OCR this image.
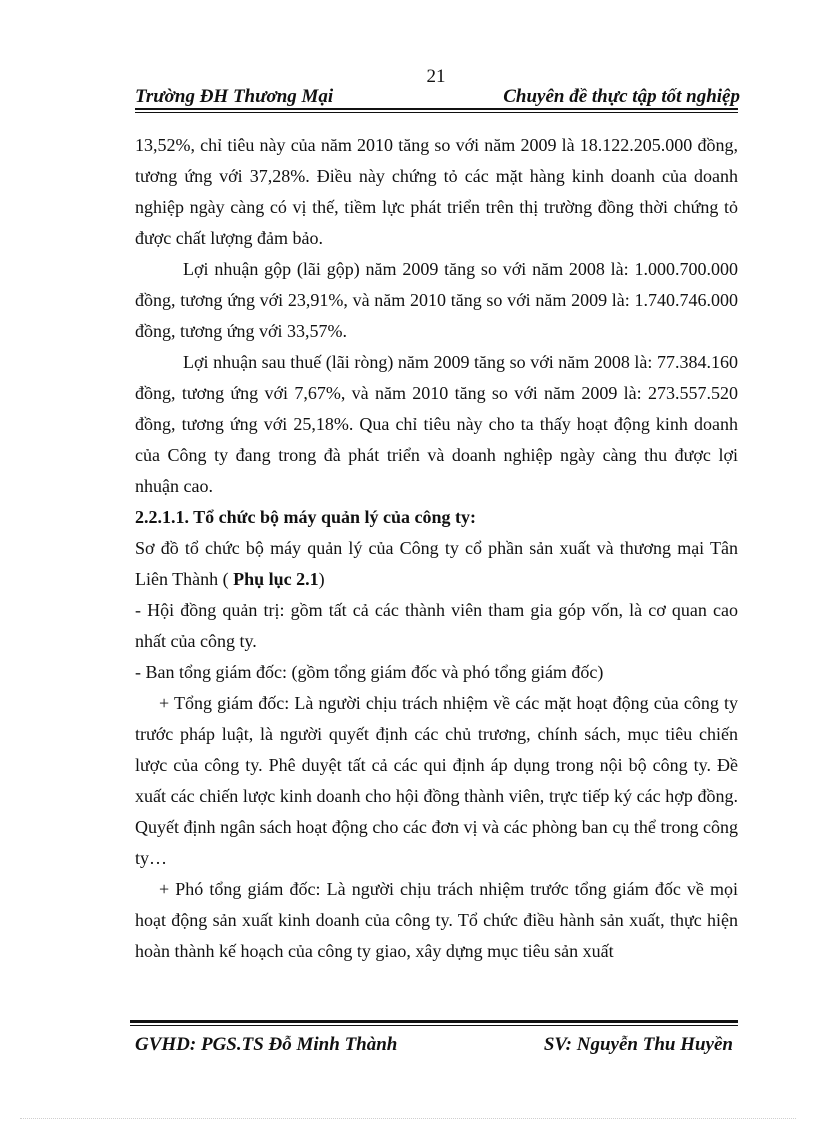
21
Trường ĐH Thương Mại	Chuyên đề thực tập tốt nghiệp

13,52%, chỉ tiêu này của năm 2010 tăng so với năm 2009 là 18.122.205.000 đồng, tương ứng với 37,28%. Điều này chứng tỏ các mặt hàng kinh doanh của doanh nghiệp ngày càng có vị thế, tiềm lực phát triển trên thị trường đồng thời chứng tỏ được chất lượng đảm bảo.

Lợi nhuận gộp (lãi gộp) năm 2009 tăng so với năm 2008 là: 1.000.700.000 đồng, tương ứng với 23,91%, và năm 2010 tăng so với năm 2009 là: 1.740.746.000 đồng, tương ứng với 33,57%.

Lợi nhuận sau thuế (lãi ròng) năm 2009 tăng so với năm 2008 là: 77.384.160 đồng, tương ứng với 7,67%, và năm 2010 tăng so với năm 2009 là: 273.557.520 đồng, tương ứng với 25,18%. Qua chỉ tiêu này cho ta thấy hoạt động kinh doanh của Công ty đang trong đà phát triển và doanh nghiệp ngày càng thu được lợi nhuận cao.

2.2.1.1. Tổ chức bộ máy quản lý của công ty:

Sơ đồ tổ chức bộ máy quản lý của Công ty cổ phần sản xuất và thương mại Tân Liên Thành ( Phụ lục 2.1)

- Hội đồng quản trị: gồm tất cả các thành viên tham gia góp vốn, là cơ quan cao nhất của công ty.

- Ban tổng giám đốc: (gồm tổng giám đốc và phó tổng giám đốc)

+ Tổng giám đốc: Là người chịu trách nhiệm về các mặt hoạt động của công ty trước pháp luật, là người quyết định các chủ trương, chính sách, mục tiêu chiến lược của công ty. Phê duyệt tất cả các qui định áp dụng trong nội bộ công ty. Đề xuất các chiến lược kinh doanh cho hội đồng thành viên, trực tiếp ký các hợp đồng. Quyết định ngân sách hoạt động cho các đơn vị và các phòng ban cụ thể trong công ty…

+ Phó tổng giám đốc: Là người chịu trách nhiệm trước tổng giám đốc về mọi hoạt động sản xuất kinh doanh của công ty. Tổ chức điều hành sản xuất, thực hiện hoàn thành kế hoạch của công ty giao, xây dựng mục tiêu sản xuất

GVHD: PGS.TS Đỗ Minh Thành	SV: Nguyễn Thu Huyền
